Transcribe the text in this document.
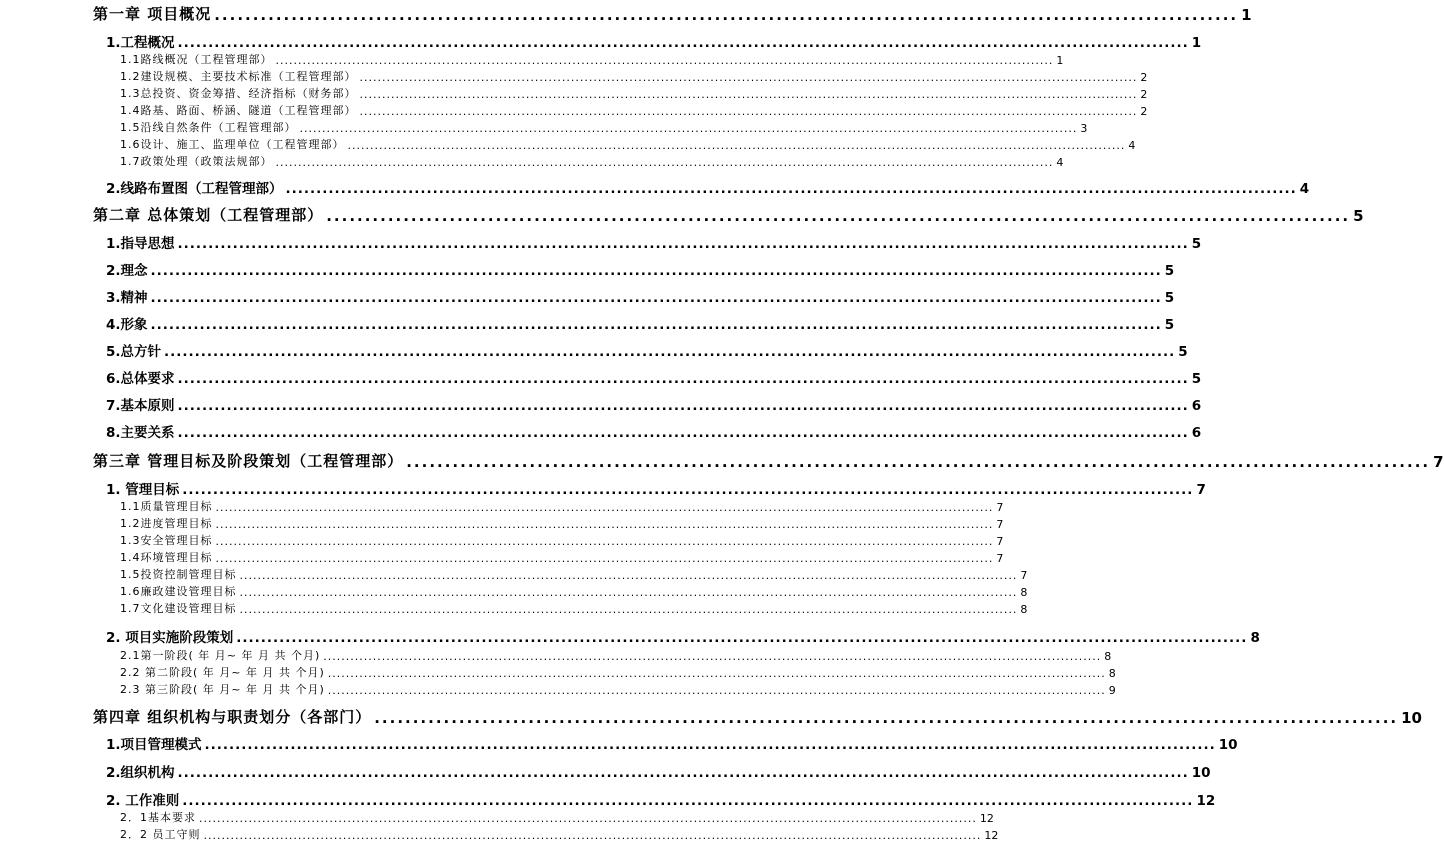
第一章 项目概况 ..................................................................................................................................... 1
1.工程概况 ..................................................................................................................................................................... 1
1.1路线概况（工程管理部） ............................................................................................................................................................................. 1
1.2建设规模、主要技术标准（工程管理部） ............................................................................................................................................................................. 2
1.3总投资、资金筹措、经济指标（财务部） ............................................................................................................................................................................. 2
1.4路基、路面、桥涵、隧道（工程管理部） ............................................................................................................................................................................. 2
1.5沿线自然条件（工程管理部） ............................................................................................................................................................................. 3
1.6设计、施工、监理单位（工程管理部） ............................................................................................................................................................................. 4
1.7政策处理（政策法规部） ............................................................................................................................................................................. 4
2.线路布置图（工程管理部） ..................................................................................................................................................................... 4
第二章 总体策划（工程管理部） ..................................................................................................................................... 5
1.指导思想 ..................................................................................................................................................................... 5
2.理念 ..................................................................................................................................................................... 5
3.精神 ..................................................................................................................................................................... 5
4.形象 ..................................................................................................................................................................... 5
5.总方针 ..................................................................................................................................................................... 5
6.总体要求 ..................................................................................................................................................................... 5
7.基本原则 ..................................................................................................................................................................... 6
8.主要关系 ..................................................................................................................................................................... 6
第三章 管理目标及阶段策划（工程管理部） ..................................................................................................................................... 7
1. 管理目标 ..................................................................................................................................................................... 7
1.1质量管理目标 ............................................................................................................................................................................. 7
1.2进度管理目标 ............................................................................................................................................................................. 7
1.3安全管理目标 ............................................................................................................................................................................. 7
1.4环境管理目标 ............................................................................................................................................................................. 7
1.5投资控制管理目标 ............................................................................................................................................................................. 7
1.6廉政建设管理目标 ............................................................................................................................................................................. 8
1.7文化建设管理目标 ............................................................................................................................................................................. 8
2. 项目实施阶段策划 ..................................................................................................................................................................... 8
2.1第一阶段( 年 月~ 年 月 共 个月) ............................................................................................................................................................................. 8
2.2 第二阶段( 年 月~ 年 月 共 个月) ............................................................................................................................................................................. 8
2.3 第三阶段( 年 月~ 年 月 共 个月) ............................................................................................................................................................................. 9
第四章 组织机构与职责划分（各部门） ..................................................................................................................................... 10
1.项目管理模式 ..................................................................................................................................................................... 10
2.组织机构 ..................................................................................................................................................................... 10
2. 工作准则 ..................................................................................................................................................................... 12
2．1基本要求 ............................................................................................................................................................................. 12
2．2 员工守则 ............................................................................................................................................................................. 12
